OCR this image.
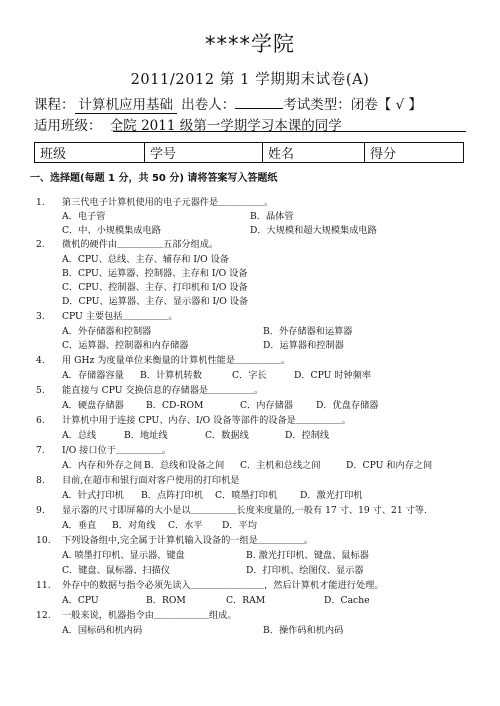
****学院
2011/2012 第 1 学期期末试卷(A)
课程： 计算机应用基础 出卷人：	考试类型：闭卷【 √ 】
适用班级： 全院 2011 级第一学期学习本课的同学
班级	学号	姓名	得分
一、选择题(每题 1 分，共 50 分) 请将答案写入答题纸
1. 第三代电子计算机使用的电子元器件是＿＿＿＿＿。
A．电子管	B．晶体管
C．中、小规模集成电路	D．大规模和超大规模集成电路
2. 微机的硬件由＿＿＿＿＿五部分组成。
A．CPU、总线、主存、辅存和 I/O 设备
B．CPU、运算器、控制器、主存和 I/O 设备
C．CPU、控制器、主存、打印机和 I/O 设备
D．CPU、运算器、主存、显示器和 I/O 设备
3. CPU 主要包括＿＿＿＿＿。
A．外存储器和控制器	B．外存储器和运算器
C．运算器、控制器和内存储器	D．运算器和控制器
4. 用 GHz 为度量单位来衡量的计算机性能是＿＿＿＿＿。
A．存储器容量 B．计算机转数	C．字长	D．CPU 时钟频率
5. 能直接与 CPU 交换信息的存储器是＿＿＿＿＿。
A．硬盘存储器 B．CD-ROM	C．内存储器	D．优盘存储器
6. 计算机中用于连接 CPU、内存、I/O 设备等部件的设备是＿＿＿＿＿。
A．总线	B．地址线	C．数据线	D．控制线
7. I/O 接口位于＿＿＿＿＿。
A．内存和外存之间 B．总线和设备之间 C．主机和总线之间	D．CPU 和内存之间
8. 目前,在超市和银行面对客户使用的打印机是
A．针式打印机 B．点阵打印机 C．喷墨打印机 D．激光打印机
9. 显示器的尺寸即屏幕的大小是以＿＿＿＿＿长度来度量的,一般有 17 寸、19 寸、21 寸等.
A．垂直 B．对角线 C．水平 D．平均
10. 下列设备组中,完全属于计算机输入设备的一组是＿＿＿＿＿。
A. 喷墨打印机、显示器、键盘	B. 激光打印机、键盘、鼠标器
C．键盘、鼠标器、扫描仪	D．打印机、绘图仪、显示器
11. 外存中的数据与指令必须先读入＿＿＿＿＿＿＿＿，然后计算机才能进行处理。
A．CPU	B．ROM	C．RAM	D．Cache
12. 一般来说，机器指令由＿＿＿＿＿＿组成。
A．国标码和机内码	B．操作码和机内码
